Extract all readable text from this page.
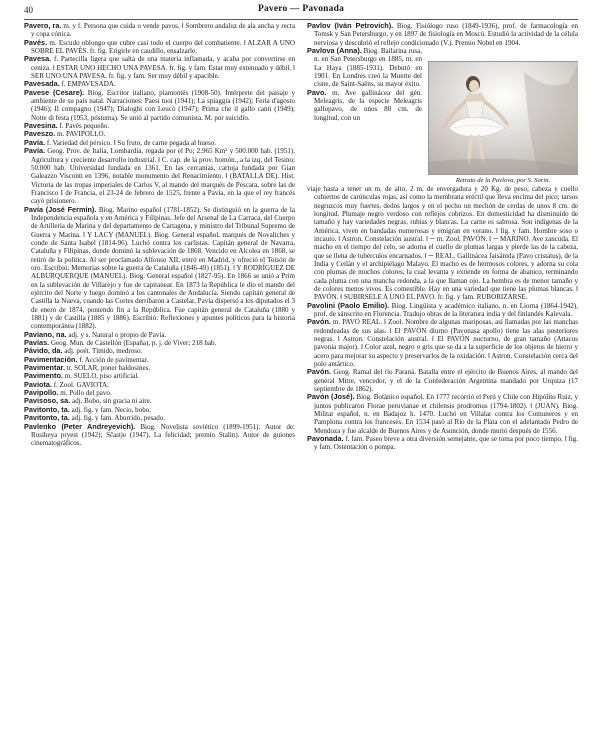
40	Pavero — Pavonada

Pavero, ra. m. y f. Persona que cuida o vende pavos. ‖ Sombrero andaluz de ala ancha y recta y copa cónica.

Pavés. m. Escudo oblongo que cubre casi todo el cuerpo del combatiente. ‖ ALZAR A UNO SOBRE EL PAVÉS. fr. fig. Erigirle en caudillo, ensalzarle.

Pavesa. f. Partecilla ligera que salta de una materia inflamada, y acaba por convertirse en ceniza. ‖ ESTAR UNO HECHO UNA PAVESA. fr. fig. y fam. Estar muy extenuado y débil. ‖ SER UNO UNA PAVESA. fr. fig. y fam. Ser muy débil y apacible.

Pavesada. f. EMPAVESADA.

Pavese (Cesare). Biog. Escritor italiano, piamontés (1908-50). Intérprete del paisaje y ambiente de su país natal. Narraciones: Paesi tuoi (1941); La spiaggia (1942); Feria d'agosto (1946); Il compagno (1947); Dialoghi con Leucò (1947); Prima che il gallo canti (1949); Notte di festa (1953, póstuma). Se unió al partido comunista. M. por suicidio.

Pavesina. f. Pavés pequeño.

Paveszo. m. PAVIPOLLO.

Pavía. f. Variedad del pérsico. ‖ Su fruto, de carne pegada al hueso.

Pavía. Geog. Prov. de Italia, Lombardía, regada por el Po; 2.965 Km² y 500.000 hab. (1951). Agricultura y creciente desarrollo industrial. ‖ C. cap. de la prov. homón., a la izq. del Tesino; 50.000 hab. Universidad fundada en 1361. En las cercanías, cartuja fundada por Gian Galeazzo Visconti en 1396, notable monumento del Renacimiento. ‖ (BATALLA DE). Hist. Victoria de las tropas imperiales de Carlos V, al mando del marqués de Pescara, sobre las de Francisco I de Francia, el 23-24 de febrero de 1525, frente a Pavía, en la que el rey francés cayó prisionero.

Pavía (José Fermín). Biog. Marino español (1781-1852). Se distinguió en la guerra de la Independencia española y en América y Filipinas. Jefe del Arsenal de La Carraca, del Cuerpo de Artillería de Marina y del departamento de Cartagena, y ministro del Tribunal Supremo de Guerra y Marina. ‖ Y LACY (MANUEL). Biog. General español, marqués de Novaliches y conde de Santa Isabel (1814-96). Luchó contra los carlistas. Capitán general de Navarra, Cataluña y Filipinas, donde dominó la sublevación de 1868. Vencido en Alcolea en 1868, se retiró de la política. Al ser proclamado Alfonso XII, entró en Madrid, y ofreció el Toisón de oro. Escribió: Memorias sobre la guerra de Cataluña (1846-49) (1851). ‖ Y RODRÍGUEZ DE ALBURQUERQUE (MANUEL). Biog. General español (1827-95). En 1866 se unió a Prim en la sublevación de Villarejo y fue de capitanear. En 1873 la República le dio el mando del ejército del Norte y luego dominó a los cantonales de Andalucía. Siendo capitán general de Castilla la Nueva, cuando las Cortes derribaron a Castelar, Pavía dispersó a los diputados el 3 de enero de 1874, poniendo fin a la República. Fue capitán general de Cataluña (1880 y 1881) y de Castilla (1885 y 1886). Escribió: Reflexiones y apuntes políticos para la historia contemporánea (1882).

Paviano, na. adj. y s. Natural o propio de Pavía.

Pavías. Geog. Mun. de Castellón (España), p. j. de Viver; 218 hab.

Pávido, da. adj. poét. Tímido, medroso.

Pavimentación. f. Acción de pavimentar.

Pavimentar. tr. SOLAR, poner baldosines.

Pavimento. m. SUELO, piso artificial.

Paviota. f. Zool. GAVIOTA.

Pavipollo. m. Pollo del pavo.

Pavisoso, sa. adj. Bobo, sin gracia ni aire.

Pavitonto, ta. adj. fig. y fam. Necio, bobo.

Pavitonto, ta. adj. fig. y fam. Aburrido, pesado.

Pavlenko (Peter Andreyevich). Biog. Novelista soviético (1899-1951). Autor de: Rusiheya pryest (1942); Sčastje (1947), La felicidad; premio Stalin). Autor de guiones cinematográficos.

Pavlov (Iván Petrovich). Biog. Fisiólogo ruso (1849-1936), prof. de farmacología en Tomsk y San Petersburgo, y en 1897 de fisiología en Moscú. Estudió la actividad de la célula nerviosa y descubrió el reflejo condicionado (V.). Premio Nobel en 1904.

Pavlova (Anna). Biog. Bailarina rusa, n. en San Petersburgo en 1885, m. en La Haya (1885-1931). Debutó en 1901. En Londres creó la Muerte del cisne, de Saint-Saëns, su mayor éxito.

Pavo. m. Ave gallinácea del gén. Meleagris, de la especie Meleagris gallopavo, de unos 80 cm. de longitud, con un

Retrato de la Pavlova, por S. Sorin.

viaje hasta a tener un m. de alto, 2 m. de envergadura y 20 Kg. de peso; cabeza y cuello cubiertos de carúnculas rojas, así como la membrana eréctil que lleva encima del pico; tarsos negruzcos muy fuertes, dedos largos y en el pecho un mechón de cerdas de unos 8 cm. de longitud. Plumaje negro verdoso con reflejos cobrizos. En domesticidad ha disminuido de tamaño y hay variedades negras, rubias y blancas. La carne es sabrosa. Son indígenas de la América, viven en bandadas numerosas y emigran en verano. ‖ fig. y fam. Hombre soso o incauto. ‖ Astron. Constelación austral. ‖ ─ m. Zool. PAVÓN. ‖ ─ MARINO. Ave zancuda. El macho en el tiempo del celo, se adorna el cuello de plumas largas y pierde las de la cabeza, que se llena de tubérculos encarnados. ‖ ─ REAL. Gallinácea faisánida (Pavo cristatus), de la India y Ceilán y el archipiélago Malayo. El macho es de hermosos colores, y adorna su cola con plumas de muchos colores, la cual levanta y extiende en forma de abanico, terminando cada pluma con una mancha redonda, a la que llaman ojo. La hembra es de menor tamaño y de colores menos vivos. Es comestible. Hay en una variedad que tiene las plumas blancas. ‖ PAVÓN. ‖ SUBIRSELE A UNO EL PAVO. fr. fig. y fam. RUBORIZARSE.

Pavolini (Paolo Emilio). Biog. Lingüista y académico italiano, n. en Liorna (1864-1942), prof. de sánscrito en Florencia. Tradujo obras de la literatura india y del finlandés Kalevala.

Pavón. m. PAVO REAL. ‖ Zool. Nombre de algunas mariposas, así llamadas por las manchas redondeadas de sus alas. ‖ El PAVÓN diurno (Pavonasa apollo) tiene las alas posteriores negras. ‖ Astron. Constelación austral. ‖ El PAVÓN nocturno, de gran tamaño (Attacus pavonia major). ‖ Color azul, negro o gris que se da a la superficie de los objetos de hierro y acero para mejorar su aspecto y preservarlos de la oxidación. ‖ Astron. Constelación cerca del polo antártico.

Pavón. Geog. Ramal del río Paraná. Batalla entre el ejército de Buenos Aires, al mando del general Mitre, vencedor, y el de la Confederación Argentina mandado por Urquiza (17 septiembre de 1862).

Pavón (José). Biog. Botánico español. En 1777 recorrió el Perú y Chile con Hipólito Ruiz, y juntos publicaron Florae peruvianae et chilensis prodromus (1794-1802). ‖ (JUAN). Biog. Militar español, n. en Badajoz h. 1470. Luchó en Villalar contra los Comuneros y en Pamplona contra los franceses. En 1534 pasó al Río de la Plata con el adelantado Pedro de Mendoza y fue alcalde de Buenos Aires y de Asunción, donde murió después de 1556.

Pavonada. f. fam. Paseo breve a otra diversión semejante, que se toma por poco tiempo. ‖ fig. y fam. Ostentación o pompa.
